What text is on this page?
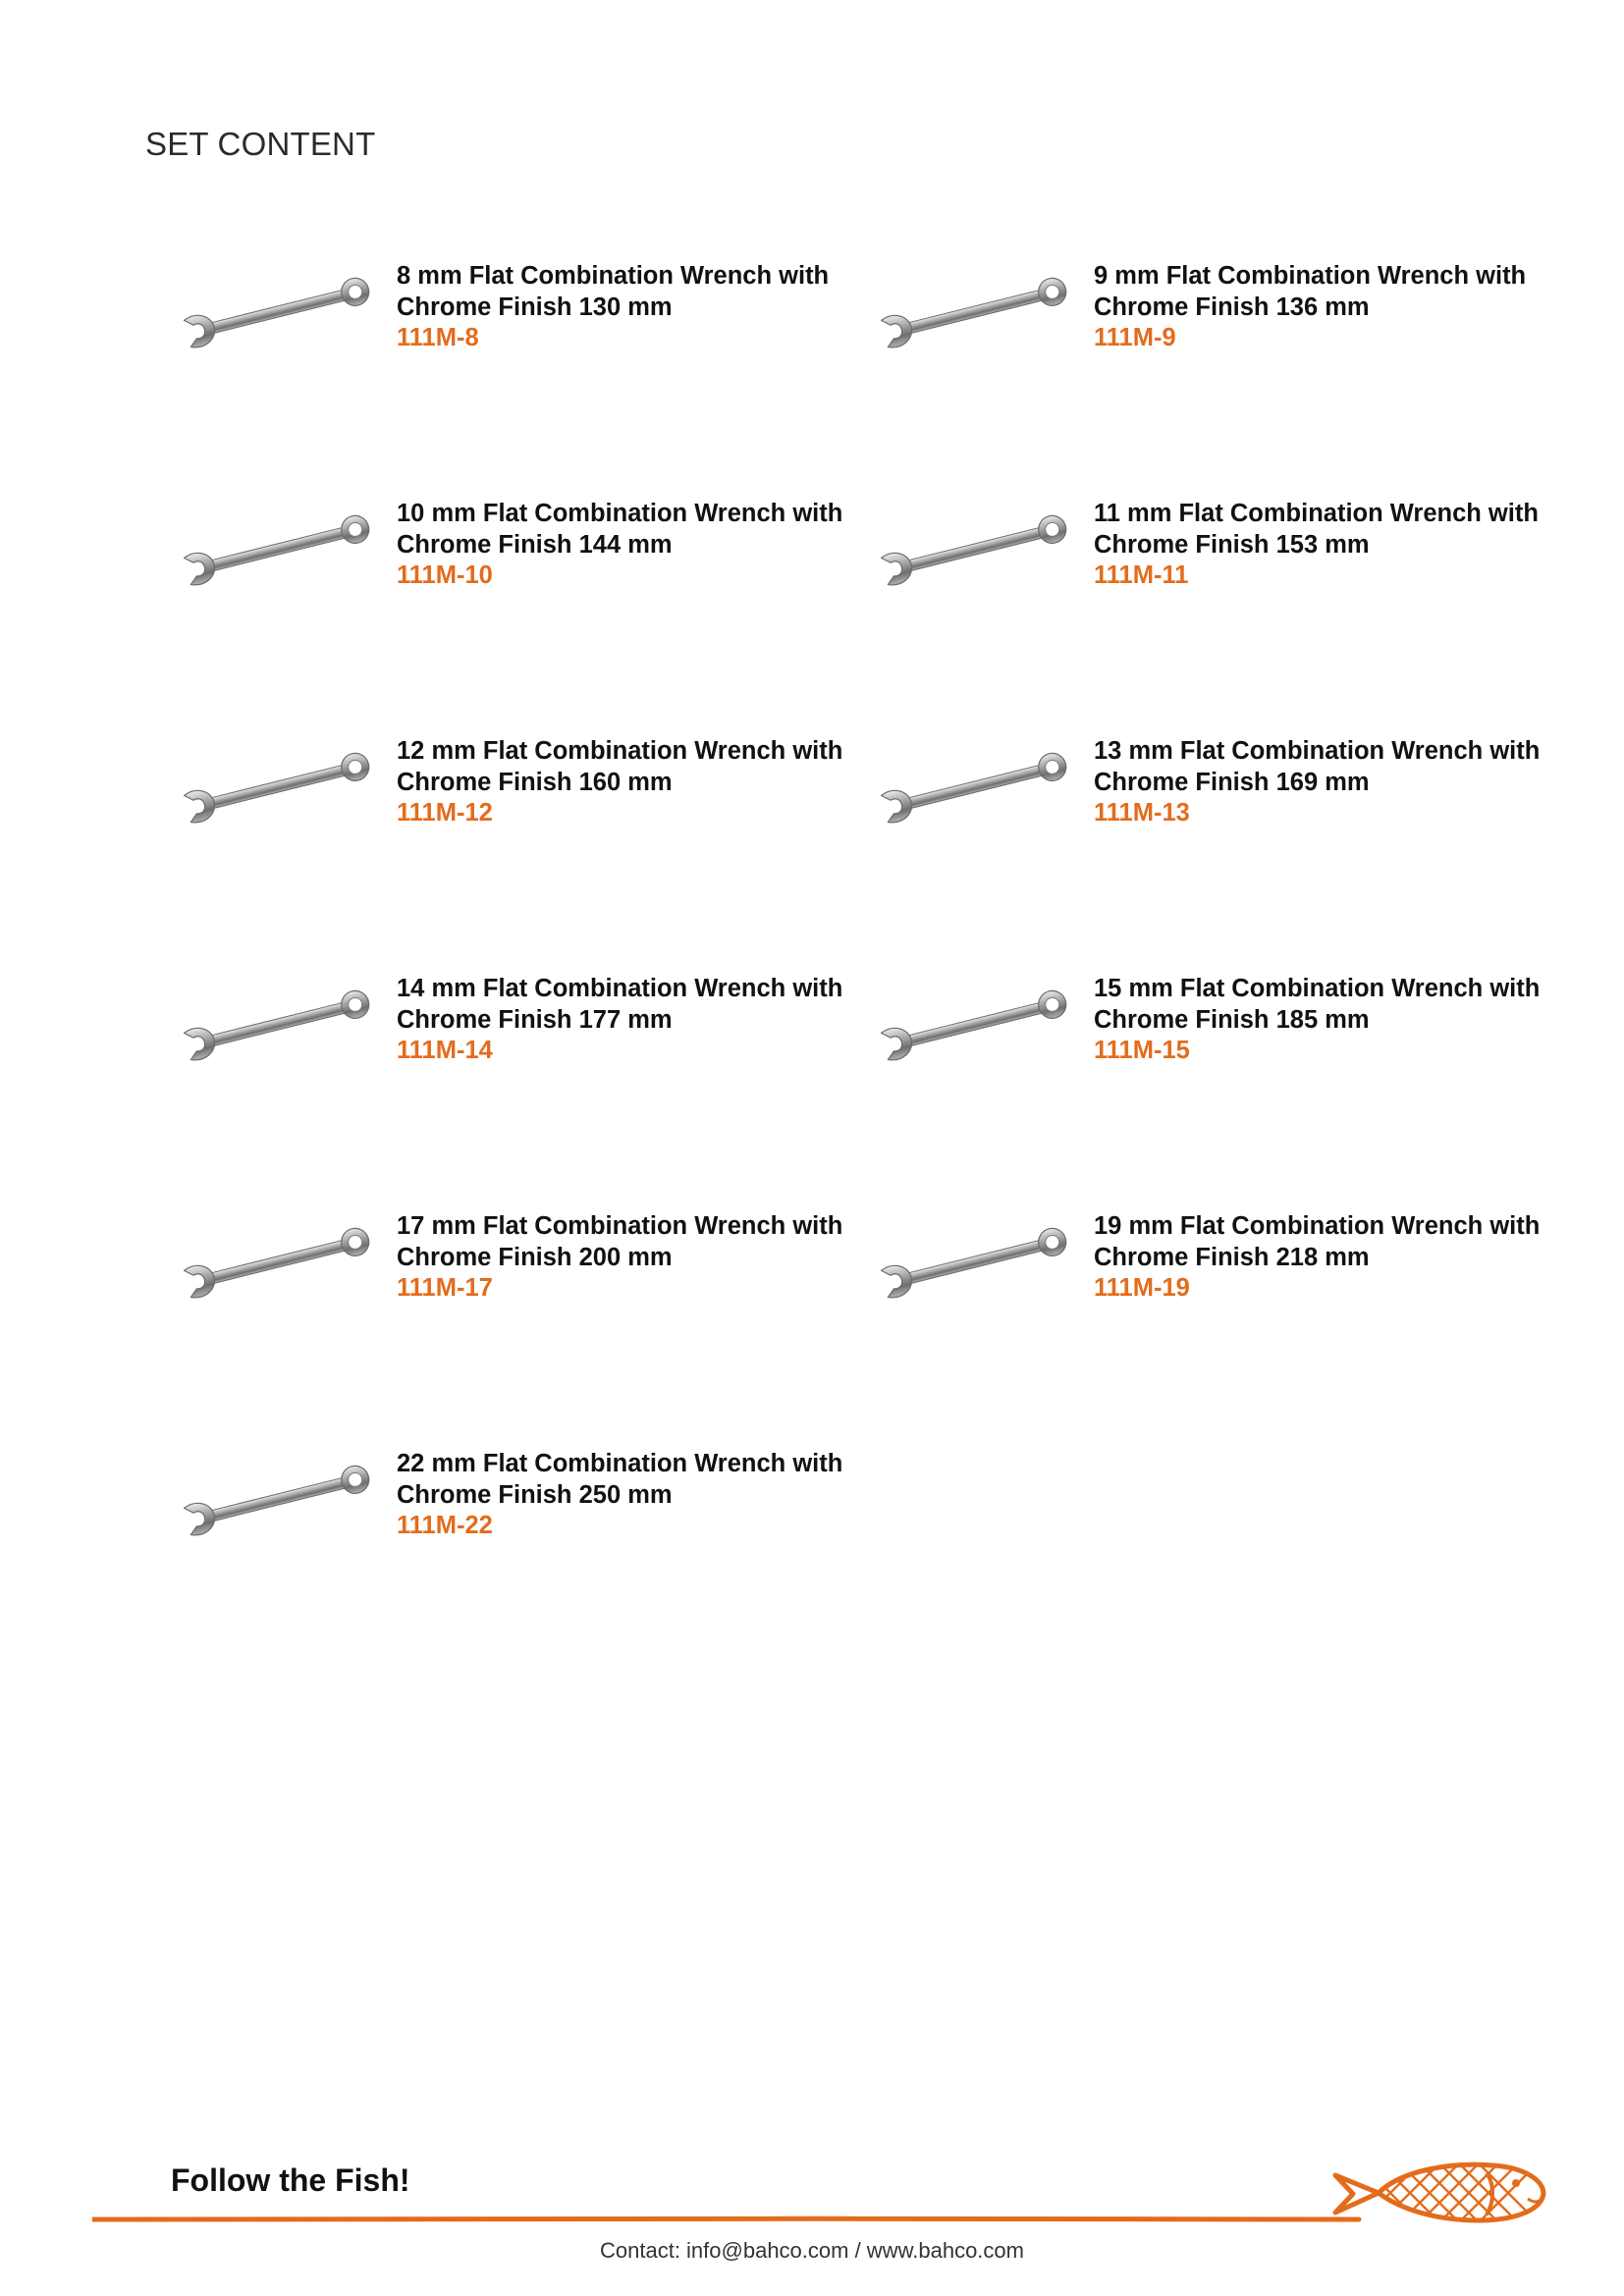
SET CONTENT
8 mm Flat Combination Wrench with Chrome Finish 130 mm
111M-8
9 mm Flat Combination Wrench with Chrome Finish 136 mm
111M-9
10 mm Flat Combination Wrench with Chrome Finish 144 mm
111M-10
11 mm Flat Combination Wrench with Chrome Finish 153 mm
111M-11
12 mm Flat Combination Wrench with Chrome Finish 160 mm
111M-12
13 mm Flat Combination Wrench with Chrome Finish 169 mm
111M-13
14 mm Flat Combination Wrench with Chrome Finish 177 mm
111M-14
15 mm Flat Combination Wrench with Chrome Finish 185 mm
111M-15
17 mm Flat Combination Wrench with Chrome Finish 200 mm
111M-17
19 mm Flat Combination Wrench with Chrome Finish 218 mm
111M-19
22 mm Flat Combination Wrench with Chrome Finish 250 mm
111M-22
Follow the Fish!
Contact: info@bahco.com / www.bahco.com
